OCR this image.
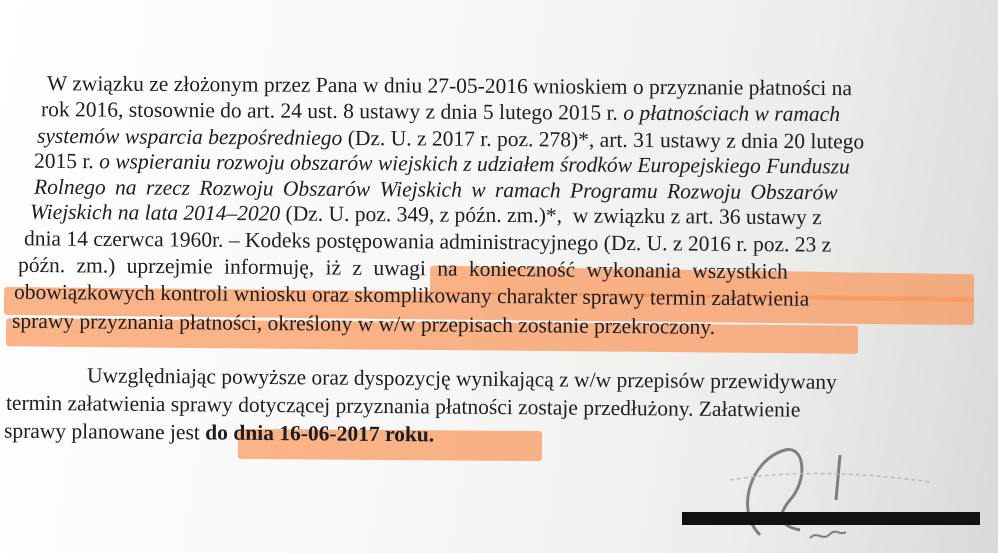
W związku ze złożonym przez Pana w dniu 27-05-2016 wnioskiem o przyznanie płatności na
rok 2016, stosownie do art. 24 ust. 8 ustawy z dnia 5 lutego 2015 r. o płatnościach w ramach
systemów wsparcia bezpośredniego (Dz. U. z 2017 r. poz. 278)*, art. 31 ustawy z dnia 20 lutego
2015 r. o wspieraniu rozwoju obszarów wiejskich z udziałem środków Europejskiego Funduszu
Rolnego na rzecz Rozwoju Obszarów Wiejskich w ramach Programu Rozwoju Obszarów
Wiejskich na lata 2014–2020 (Dz. U. poz. 349, z późn. zm.)*,  w związku z art. 36 ustawy z
dnia 14 czerwca 1960r. – Kodeks postępowania administracyjnego (Dz. U. z 2016 r. poz. 23 z
późn. zm.) uprzejmie informuję, iż z uwagi na konieczność wykonania wszystkich
obowiązkowych kontroli wniosku oraz skomplikowany charakter sprawy termin załatwienia
sprawy przyznania płatności, określony w w/w przepisach zostanie przekroczony.
Uwzględniając powyższe oraz dyspozycję wynikającą z w/w przepisów przewidywany
termin załatwienia sprawy dotyczącej przyznania płatności zostaje przedłużony. Załatwienie
sprawy planowane jest do dnia 16-06-2017 roku.
